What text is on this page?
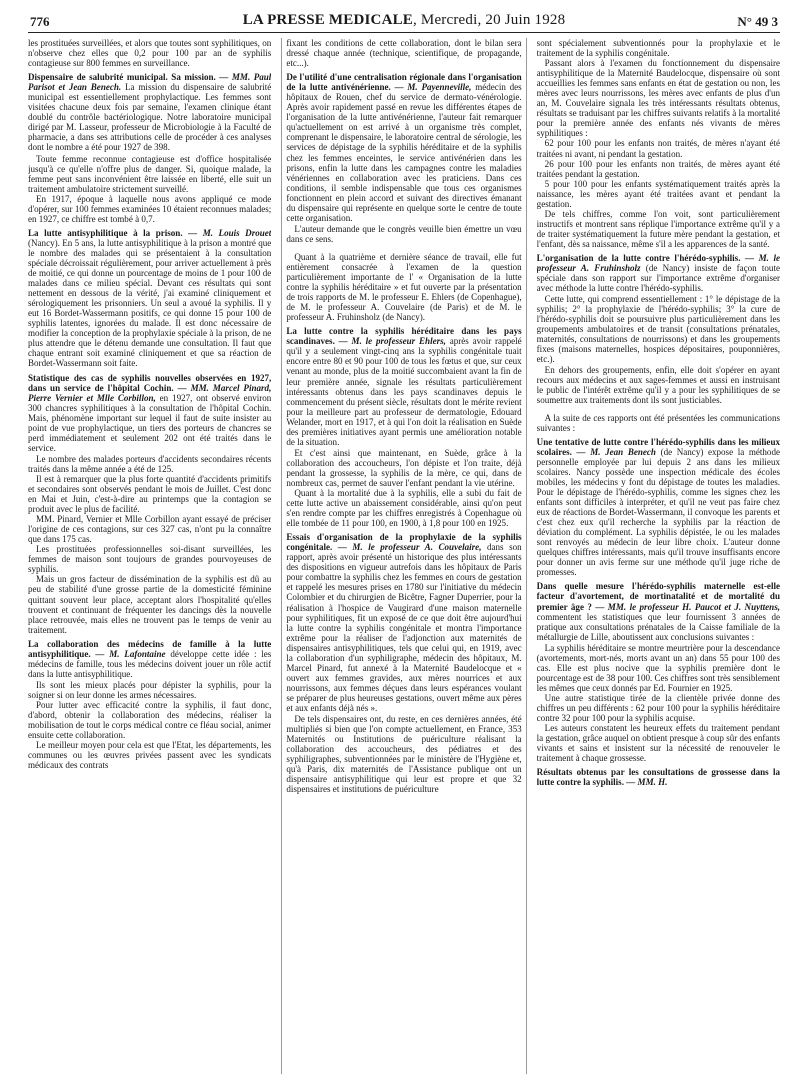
776	LA PRESSE MEDICALE, Mercredi, 20 Juin 1928	N° 49 3

les prostituées surveillées, et alors que toutes sont syphilitiques, on n'observe chez elles que 0,2 pour 100 par an de syphilis contagieuse sur 800 femmes en surveillance.

Dispensaire de salubrité municipal. Sa mission. — MM. Paul Parisot et Jean Benech. La mission du dispensaire de salubrité municipal est essentiellement prophylactique. Les femmes sont visitées chacune deux fois par semaine, l'examen clinique étant doublé du contrôle bactériologique. Notre laboratoire municipal dirigé par M. Lasseur, professeur de Microbiologie à la Faculté de pharmacie, a dans ses attributions celle de procéder à ces analyses dont le nombre a été pour 1927 de 398.

Toute femme reconnue contagieuse est d'office hospitalisée jusqu'à ce qu'elle n'offre plus de danger. Si, quoique malade, la femme peut sans inconvénient être laissée en liberté, elle suit un traitement ambulatoire strictement surveillé.

En 1917, époque à laquelle nous avons appliqué ce mode d'opérer, sur 100 femmes examinées 10 étaient reconnues malades; en 1927, ce chiffre est tombé à 0,7.

La lutte antisyphilitique à la prison. — M. Louis Drouet (Nancy). En 5 ans, la lutte antisyphilitique à la prison a montré que le nombre des malades qui se présentaient à la consultation spéciale décroissait régulièrement, pour arriver actuellement à près de moitié, ce qui donne un pourcentage de moins de 1 pour 100 de malades dans ce milieu spécial. Devant ces résultats qui sont nettement en dessous de la vérité, j'ai examiné cliniquement et sérologiquement les prisonniers. Un seul a avoué la syphilis. Il y eut 16 Bordet-Wassermann positifs, ce qui donne 15 pour 100 de syphilis latentes, ignorées du malade. Il est donc nécessaire de modifier la conception de la prophylaxie spéciale à la prison, de ne plus attendre que le détenu demande une consultation. Il faut que chaque entrant soit examiné cliniquement et que sa réaction de Bordet-Wassermann soit faite.
Statistique des cas de syphilis nouvelles observées en 1927, dans un service de l'hôpital Cochin. — MM. Marcel Pinard, Pierre Vernier et Mlle Corbillon, en 1927, ont observé environ 300 chancres syphilitiques à la consultation de l'hôpital Cochin. Mais, phénomène important sur lequel il faut de suite insister au point de vue prophylactique, un tiers des porteurs de chancres se perd immédiatement et seulement 202 ont été traités dans le service.

Le nombre des malades porteurs d'accidents secondaires récents traités dans la même année a été de 125.

Il est à remarquer que la plus forte quantité d'accidents primitifs et secondaires sont observés pendant le mois de Juillet. C'est donc en Mai et Juin, c'est-à-dire au printemps que la contagion se produit avec le plus de facilité.

MM. Pinard, Vernier et Mlle Corbillon ayant essayé de préciser l'origine de ces contagions, sur ces 327 cas, n'ont pu la connaître que dans 175 cas.

Les prostituées professionnelles soi-disant surveillées, les femmes de maison sont toujours de grandes pourvoyeuses de syphilis.

Mais un gros facteur de dissémination de la syphilis est dû au peu de stabilité d'une grosse partie de la domesticité féminine quittant souvent leur place, acceptant alors l'hospitalité qu'elles trouvent et continuant de fréquenter les dancings dès la nouvelle place retrouvée, mais elles ne trouvent pas le temps de venir au traitement.

La collaboration des médecins de famille à la lutte antisyphilitique. — M. Lafontaine développe cette idée : les médecins de famille, tous les médecins doivent jouer un rôle actif dans la lutte antisyphilitique.

Ils sont les mieux placés pour dépister la syphilis, pour la soigner si on leur donne les armes nécessaires.

Pour lutter avec efficacité contre la syphilis, il faut donc, d'abord, obtenir la collaboration des médecins, réaliser la mobilisation de tout le corps médical contre ce fléau social, animer ensuite cette collaboration.

Le meilleur moyen pour cela est que l'Etat, les départements, les communes ou les œuvres privées passent avec les syndicats médicaux des contrats

fixant les conditions de cette collaboration, dont le bilan sera dressé chaque année (technique, scientifique, de propagande, etc...).

De l'utilité d'une centralisation régionale dans l'organisation de la lutte antivénérienne. — M. Payenneville, médecin des hôpitaux de Rouen, chef du service de dermato-vénérologie. Après avoir rapidement passé en revue les différentes étapes de l'organisation de la lutte antivénérienne, l'auteur fait remarquer qu'actuellement on est arrivé à un organisme très complet, comprenant le dispensaire, le laboratoire central de sérologie, les services de dépistage de la syphilis héréditaire et de la syphilis chez les femmes enceintes, le service antivénérien dans les prisons, enfin la lutte dans les campagnes contre les maladies vénériennes en collaboration avec les praticiens. Dans ces conditions, il semble indispensable que tous ces organismes fonctionnent en plein accord et suivant des directives émanant du dispensaire qui représente en quelque sorte le centre de toute cette organisation.

L'auteur demande que le congrès veuille bien émettre un vœu dans ce sens.

Quant à la quatrième et dernière séance de travail, elle fut entièrement consacrée à l'examen de la question particulièrement importante de l' « Organisation de la lutte contre la syphilis héréditaire » et fut ouverte par la présentation de trois rapports de M. le professeur E. Ehlers (de Copenhague), de M. le professeur A. Couvelaire (de Paris) et de M. le professeur A. Fruhinsholz (de Nancy).

La lutte contre la syphilis héréditaire dans les pays scandinaves. — M. le professeur Ehlers, après avoir rappelé qu'il y a seulement vingt-cinq ans la syphilis congénitale tuait encore entre 80 et 90 pour 100 de tous les fœtus et que, sur ceux venant au monde, plus de la moitié succombaient avant la fin de leur première année, signale les résultats particulièrement intéressants obtenus dans les pays scandinaves depuis le commencement du présent siècle, résultats dont le mérite revient pour la meilleure part au professeur de dermatologie, Edouard Welander, mort en 1917, et à qui l'on doit la réalisation en Suède des premières initiatives ayant permis une amélioration notable de la situation.

Et c'est ainsi que maintenant, en Suède, grâce à la collaboration des accoucheurs, l'on dépiste et l'on traite, déjà pendant la grossesse, la syphilis de la mère, ce qui, dans de nombreux cas, permet de sauver l'enfant pendant la vie utérine.

Quant à la mortalité due à la syphilis, elle a subi du fait de cette lutte active un abaissement considérable, ainsi qu'on peut s'en rendre compte par les chiffres enregistrés à Copenhague où elle tombée de 11 pour 100, en 1900, à 1,8 pour 100 en 1925.

Essais d'organisation de la prophylaxie de la syphilis congénitale. — M. le professeur A. Couvelaire, dans son rapport, après avoir présenté un historique des plus intéressants des dispositions en vigueur autrefois dans les hôpitaux de Paris pour combattre la syphilis chez les femmes en cours de gestation et rappelé les mesures prises en 1780 sur l'initiative du médecin Colombier et du chirurgien de Bicêtre, Fagner Duperrier, pour la réalisation à l'hospice de Vaugirard d'une maison maternelle pour syphilitiques, fit un exposé de ce que doit être aujourd'hui la lutte contre la syphilis congénitale et montra l'importance extrême pour la réaliser de l'adjonction aux maternités de dispensaires antisyphilitiques, tels que celui qui, en 1919, avec la collaboration d'un syphiligraphe, médecin des hôpitaux, M. Marcel Pinard, fut annexé à la Maternité Baudelocque et « ouvert aux femmes gravides, aux mères nourrices et aux nourrissons, aux femmes déçues dans leurs espérances voulant se préparer de plus heureuses gestations, ouvert même aux pères et aux enfants déjà nés ».

De tels dispensaires ont, du reste, en ces dernières années, été multipliés si bien que l'on compte actuellement, en France, 353 Maternités ou Institutions de puériculture réalisant la collaboration des accoucheurs, des pédiatres et des syphiligraphes, subventionnées par le ministère de l'Hygiène et, qu'à Paris, dix maternités de l'Assistance publique ont un dispensaire antisyphilitique qui leur est propre et que 32 dispensaires et institutions de puériculture

sont spécialement subventionnés pour la prophylaxie et le traitement de la syphilis congénitale.

Passant alors à l'examen du fonctionnement du dispensaire antisyphilitique de la Maternité Baudelocque, dispensaire où sont accueillies les femmes sans enfants en état de gestation ou non, les mères avec leurs nourrissons, les mères avec enfants de plus d'un an, M. Couvelaire signala les très intéressants résultats obtenus, résultats se traduisant par les chiffres suivants relatifs à la mortalité pour la première année des enfants nés vivants de mères syphilitiques :

62 pour 100 pour les enfants non traités, de mères n'ayant été traitées ni avant, ni pendant la gestation.

26 pour 100 pour les enfants non traités, de mères ayant été traitées pendant la gestation.

5 pour 100 pour les enfants systématiquement traités après la naissance, les mères ayant été traitées avant et pendant la gestation.

De tels chiffres, comme l'on voit, sont particulièrement instructifs et montrent sans réplique l'importance extrême qu'il y a de traiter systématiquement la future mère pendant la gestation, et l'enfant, dès sa naissance, même s'il a les apparences de la santé.

L'organisation de la lutte contre l'hérédo-syphilis. — M. le professeur A. Fruhinsholz (de Nancy) insiste de façon toute spéciale dans son rapport sur l'importance extrême d'organiser avec méthode la lutte contre l'hérédo-syphilis.

Cette lutte, qui comprend essentiellement : 1° le dépistage de la syphilis; 2° la prophylaxie de l'hérédo-syphilis; 3° la cure de l'hérédo-syphilis doit se poursuivre plus particulièrement dans les groupements ambulatoires et de transit (consultations prénatales, maternités, consultations de nourrissons) et dans les groupements fixes (maisons maternelles, hospices dépositaires, pouponnières, etc.).

En dehors des groupements, enfin, elle doit s'opérer en ayant recours aux médecins et aux sages-femmes et aussi en instruisant le public de l'intérêt extrême qu'il y a pour les syphilitiques de se soumettre aux traitements dont ils sont justiciables.

A la suite de ces rapports ont été présentées les communications suivantes :

Une tentative de lutte contre l'hérédo-syphilis dans les milieux scolaires. — M. Jean Benech (de Nancy) expose la méthode personnelle employée par lui depuis 2 ans dans les milieux scolaires. Nancy possède une inspection médicale des écoles mobiles, les médecins y font du dépistage de toutes les maladies. Pour le dépistage de l'hérédo-syphilis, comme les signes chez les enfants sont difficiles à interpréter, et qu'il ne veut pas faire chez eux de réactions de Bordet-Wassermann, il convoque les parents et c'est chez eux qu'il recherche la syphilis par la réaction de déviation du complément. La syphilis dépistée, le ou les malades sont renvoyés au médecin de leur libre choix. L'auteur donne quelques chiffres intéressants, mais qu'il trouve insuffisants encore pour donner un avis ferme sur une méthode qu'il juge riche de promesses.
Dans quelle mesure l'hérédo-syphilis maternelle est-elle facteur d'avortement, de mortinatalité et de mortalité du premier âge ? — MM. le professeur H. Paucot et J. Nuyttens, commentent les statistiques que leur fournissent 3 années de pratique aux consultations prénatales de la Caisse familiale de la métallurgie de Lille, aboutissent aux conclusions suivantes :

La syphilis héréditaire se montre meurtrière pour la descendance (avortements, mort-nés, morts avant un an) dans 55 pour 100 des cas. Elle est plus nocive que la syphilis première dont le pourcentage est de 38 pour 100. Ces chiffres sont très sensiblement les mêmes que ceux donnés par Ed. Fournier en 1925.

Une autre statistique tirée de la clientèle privée donne des chiffres un peu différents : 62 pour 100 pour la syphilis héréditaire contre 32 pour 100 pour la syphilis acquise.

Les auteurs constatent les heureux effets du traitement pendant la gestation, grâce auquel on obtient presque à coup sûr des enfants vivants et sains et insistent sur la nécessité de renouveler le traitement à chaque grossesse.

Résultats obtenus par les consultations de grossesse dans la lutte contre la syphilis. — MM. H.
